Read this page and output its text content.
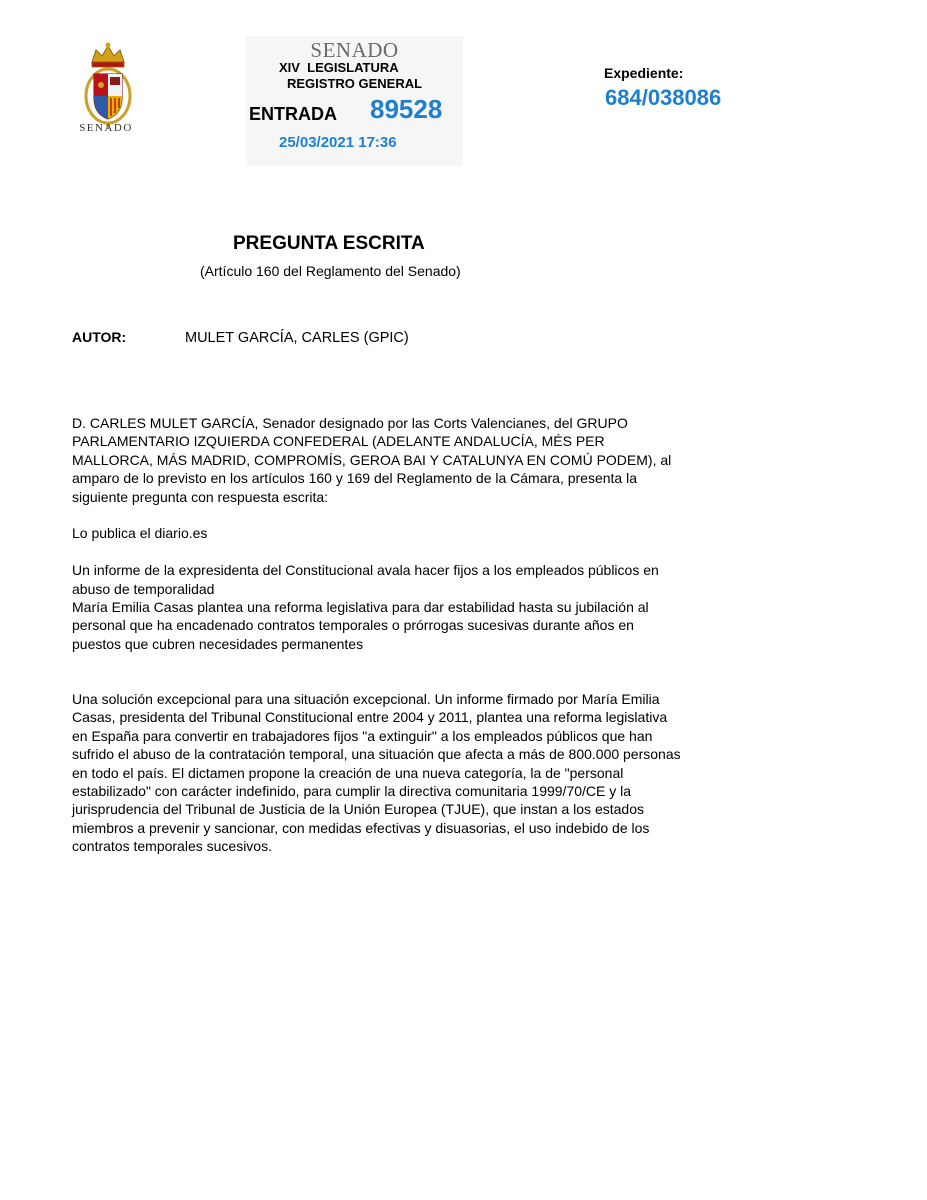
SENADO
SENADO
XIV  LEGISLATURA
REGISTRO GENERAL
ENTRADA 89528
25/03/2021 17:36
Expediente:
684/038086
PREGUNTA ESCRITA
(Artículo 160 del Reglamento del Senado)
AUTOR:	MULET GARCÍA, CARLES (GPIC)

D. CARLES MULET GARCÍA, Senador designado por las Corts Valencianes, del GRUPO

PARLAMENTARIO IZQUIERDA CONFEDERAL (ADELANTE ANDALUCÍA, MÉS PER

MALLORCA, MÁS MADRID, COMPROMÍS, GEROA BAI Y CATALUNYA EN COMÚ PODEM), al

amparo de lo previsto en los artículos 160 y 169 del Reglamento de la Cámara, presenta la

siguiente pregunta con respuesta escrita:

Lo publica el diario.es

Un informe de la expresidenta del Constitucional avala hacer fijos a los empleados públicos en

abuso de temporalidad

María Emilia Casas plantea una reforma legislativa para dar estabilidad hasta su jubilación al

personal que ha encadenado contratos temporales o prórrogas sucesivas durante años en

puestos que cubren necesidades permanentes

Una solución excepcional para una situación excepcional. Un informe firmado por María Emilia

Casas, presidenta del Tribunal Constitucional entre 2004 y 2011, plantea una reforma legislativa

en España para convertir en trabajadores fijos "a extinguir" a los empleados públicos que han

sufrido el abuso de la contratación temporal, una situación que afecta a más de 800.000 personas

en todo el país. El dictamen propone la creación de una nueva categoría, la de "personal

estabilizado" con carácter indefinido, para cumplir la directiva comunitaria 1999/70/CE y la

jurisprudencia del Tribunal de Justicia de la Unión Europea (TJUE), que instan a los estados

miembros a prevenir y sancionar, con medidas efectivas y disuasorias, el uso indebido de los

contratos temporales sucesivos.
